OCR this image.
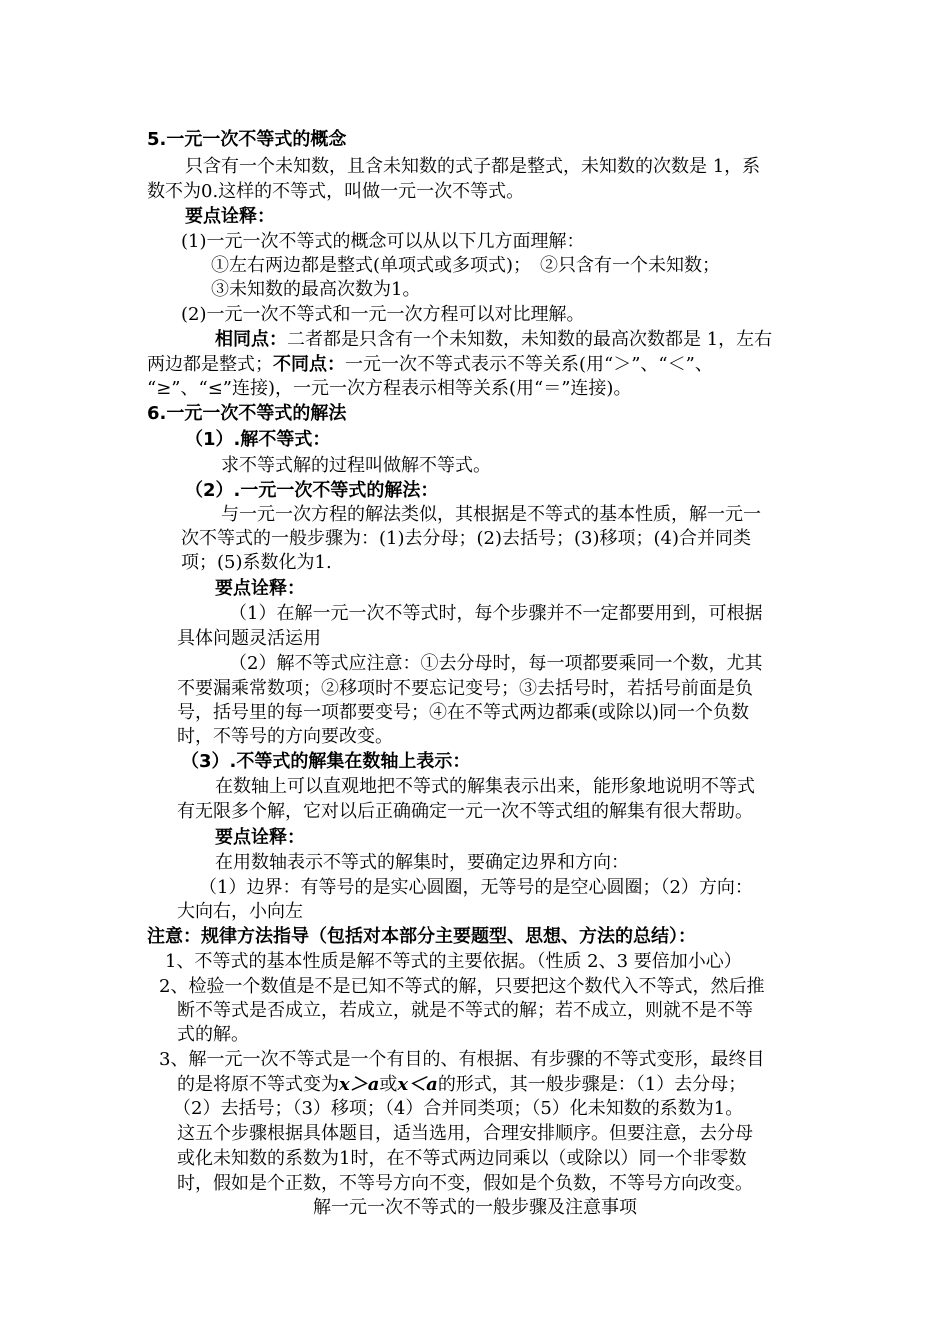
5.一元一次不等式的概念
只含有一个未知数，且含未知数的式子都是整式，未知数的次数是 1，系
数不为0.这样的不等式，叫做一元一次不等式。
要点诠释：
(1)一元一次不等式的概念可以从以下几方面理解：
①左右两边都是整式(单项式或多项式)；　②只含有一个未知数；
③未知数的最高次数为1。
(2)一元一次不等式和一元一次方程可以对比理解。
相同点：二者都是只含有一个未知数，未知数的最高次数都是 1，左右
两边都是整式；不同点：一元一次不等式表示不等关系(用“＞”、“＜”、
“≥”、“≤”连接)，一元一次方程表示相等关系(用“＝”连接)。
6.一元一次不等式的解法
（1）.解不等式：
求不等式解的过程叫做解不等式。
（2）.一元一次不等式的解法：
与一元一次方程的解法类似，其根据是不等式的基本性质，解一元一
次不等式的一般步骤为：(1)去分母；(2)去括号；(3)移项；(4)合并同类
项；(5)系数化为1.
要点诠释：
（1）在解一元一次不等式时，每个步骤并不一定都要用到，可根据
具体问题灵活运用
（2）解不等式应注意：①去分母时，每一项都要乘同一个数，尤其
不要漏乘常数项；②移项时不要忘记变号；③去括号时，若括号前面是负
号，括号里的每一项都要变号；④在不等式两边都乘(或除以)同一个负数
时，不等号的方向要改变。
（3）.不等式的解集在数轴上表示：
在数轴上可以直观地把不等式的解集表示出来，能形象地说明不等式
有无限多个解，它对以后正确确定一元一次不等式组的解集有很大帮助。
要点诠释：
在用数轴表示不等式的解集时，要确定边界和方向：
（1）边界：有等号的是实心圆圈，无等号的是空心圆圈；（2）方向：
大向右，小向左
注意：规律方法指导（包括对本部分主要题型、思想、方法的总结）：
1、不等式的基本性质是解不等式的主要依据。（性质 2、3 要倍加小心）
2、检验一个数值是不是已知不等式的解，只要把这个数代入不等式，然后推
断不等式是否成立，若成立，就是不等式的解；若不成立，则就不是不等
式的解。
3、解一元一次不等式是一个有目的、有根据、有步骤的不等式变形，最终目
的是将原不等式变为x＞a或x＜a的形式，其一般步骤是：（1）去分母；
（2）去括号；（3）移项；（4）合并同类项；（5）化未知数的系数为1。
这五个步骤根据具体题目，适当选用，合理安排顺序。但要注意，去分母
或化未知数的系数为1时，在不等式两边同乘以（或除以）同一个非零数
时，假如是个正数，不等号方向不变，假如是个负数，不等号方向改变。
解一元一次不等式的一般步骤及注意事项
